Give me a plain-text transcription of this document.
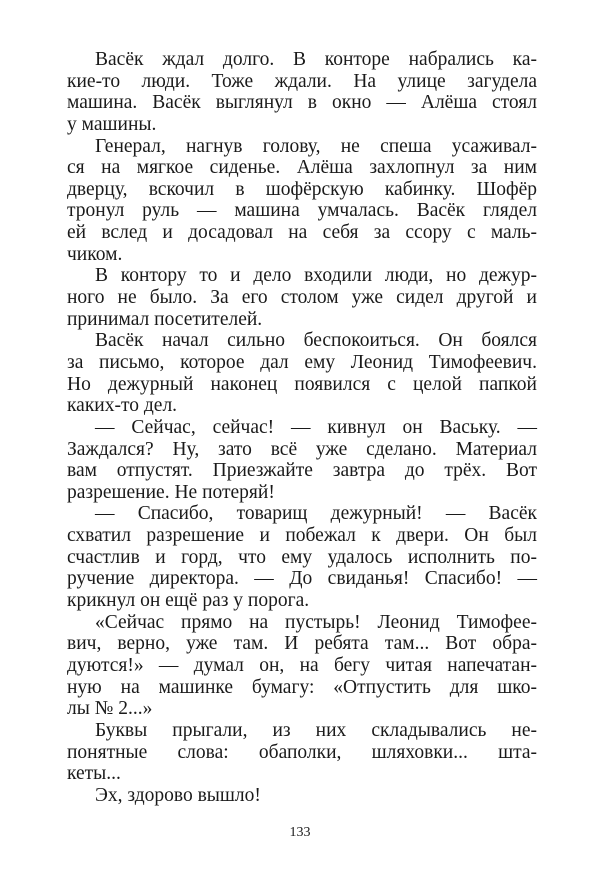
Васёк ждал долго. В конторе набрались ка-
кие-то люди. Тоже ждали. На улице загудела
машина. Васёк выглянул в окно — Алёша стоял
у машины.
Генерал, нагнув голову, не спеша усаживал-
ся на мягкое сиденье. Алёша захлопнул за ним
дверцу, вскочил в шофёрскую кабинку. Шофёр
тронул руль — машина умчалась. Васёк глядел
ей вслед и досадовал на себя за ссору с маль-
чиком.
В контору то и дело входили люди, но дежур-
ного не было. За его столом уже сидел другой и
принимал посетителей.
Васёк начал сильно беспокоиться. Он боялся
за письмо, которое дал ему Леонид Тимофеевич.
Но дежурный наконец появился с целой папкой
каких-то дел.
— Сейчас, сейчас! — кивнул он Ваську. —
Заждался? Ну, зато всё уже сделано. Материал
вам отпустят. Приезжайте завтра до трёх. Вот
разрешение. Не потеряй!
— Спасибо, товарищ дежурный! — Васёк
схватил разрешение и побежал к двери. Он был
счастлив и горд, что ему удалось исполнить по-
ручение директора. — До свиданья! Спасибо! —
крикнул он ещё раз у порога.
«Сейчас прямо на пустырь! Леонид Тимофее-
вич, верно, уже там. И ребята там... Вот обра-
дуются!» — думал он, на бегу читая напечатан-
ную на машинке бумагу: «Отпустить для шко-
лы № 2...»
Буквы прыгали, из них складывались не-
понятные слова: обаполки, шляховки... шта-
кеты...
Эх, здорово вышло!
133
